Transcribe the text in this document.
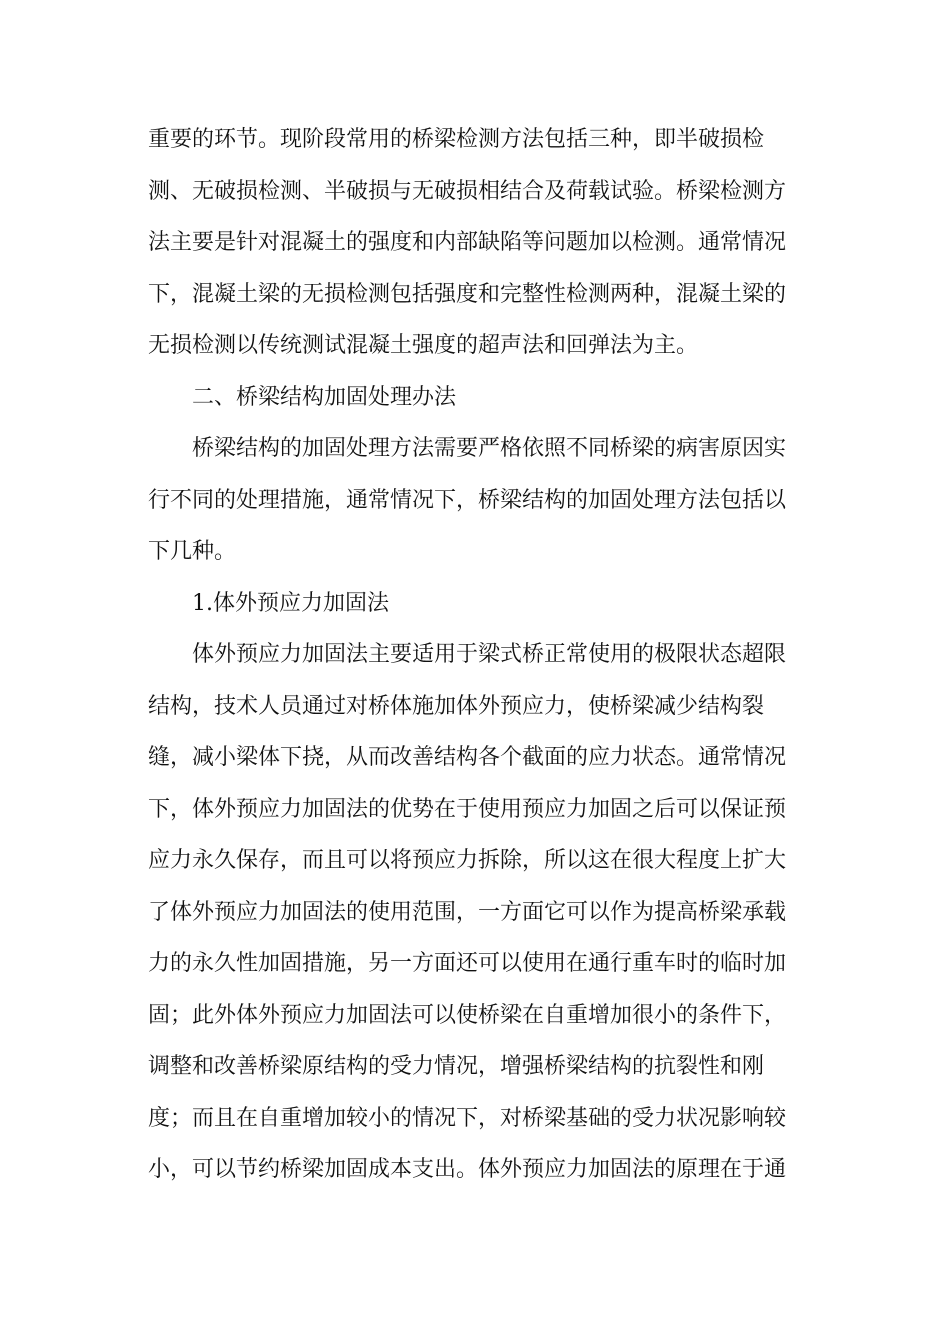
重要的环节。现阶段常用的桥梁检测方法包括三种，即半破损检
测、无破损检测、半破损与无破损相结合及荷载试验。桥梁检测方
法主要是针对混凝土的强度和内部缺陷等问题加以检测。通常情况
下，混凝土梁的无损检测包括强度和完整性检测两种，混凝土梁的
无损检测以传统测试混凝土强度的超声法和回弹法为主。
二、桥梁结构加固处理办法
桥梁结构的加固处理方法需要严格依照不同桥梁的病害原因实
行不同的处理措施，通常情况下，桥梁结构的加固处理方法包括以
下几种。
1.体外预应力加固法
体外预应力加固法主要适用于梁式桥正常使用的极限状态超限
结构，技术人员通过对桥体施加体外预应力，使桥梁减少结构裂
缝，减小梁体下挠，从而改善结构各个截面的应力状态。通常情况
下，体外预应力加固法的优势在于使用预应力加固之后可以保证预
应力永久保存，而且可以将预应力拆除，所以这在很大程度上扩大
了体外预应力加固法的使用范围，一方面它可以作为提高桥梁承载
力的永久性加固措施，另一方面还可以使用在通行重车时的临时加
固；此外体外预应力加固法可以使桥梁在自重增加很小的条件下，
调整和改善桥梁原结构的受力情况，增强桥梁结构的抗裂性和刚
度；而且在自重增加较小的情况下，对桥梁基础的受力状况影响较
小，可以节约桥梁加固成本支出。体外预应力加固法的原理在于通
